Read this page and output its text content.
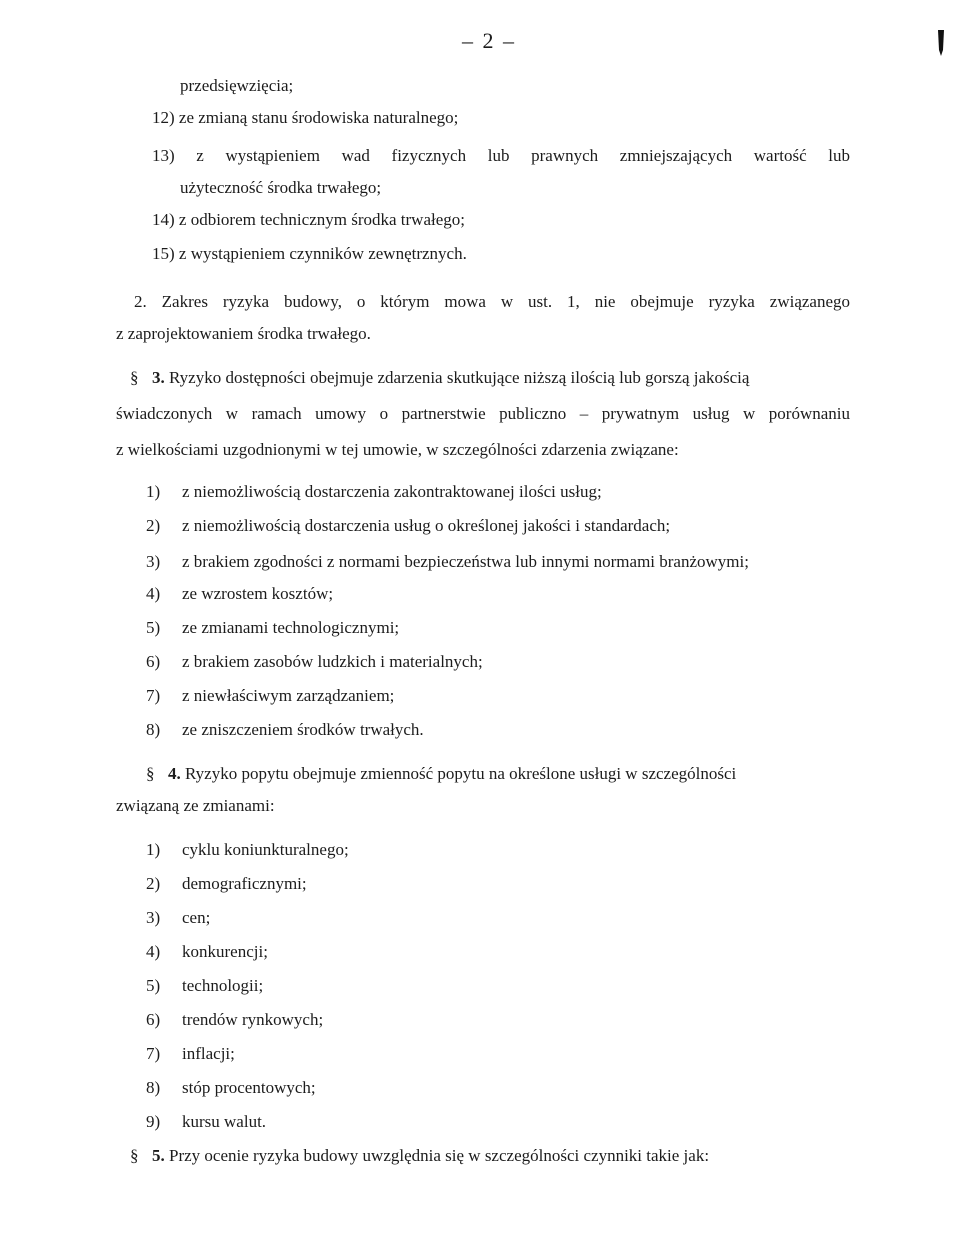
– 2 –
przedsięwzięcia;
12) ze zmianą stanu środowiska naturalnego;
13) z wystąpieniem wad fizycznych lub prawnych zmniejszających wartość lub
użyteczność środka trwałego;
14) z odbiorem technicznym środka trwałego;
15) z wystąpieniem czynników zewnętrznych.
2. Zakres ryzyka budowy, o którym mowa w ust. 1, nie obejmuje ryzyka związanego
z zaprojektowaniem środka trwałego.
§ 3. Ryzyko dostępności obejmuje zdarzenia skutkujące niższą ilością lub gorszą jakością
świadczonych w ramach umowy o partnerstwie publiczno – prywatnym usług w porównaniu
z wielkościami uzgodnionymi w tej umowie, w szczególności zdarzenia związane:
1) z niemożliwością dostarczenia zakontraktowanej ilości usług;
2) z niemożliwością dostarczenia usług o określonej jakości i standardach;
3) z brakiem zgodności z normami bezpieczeństwa lub innymi normami branżowymi;
4) ze wzrostem kosztów;
5) ze zmianami technologicznymi;
6) z brakiem zasobów ludzkich i materialnych;
7) z niewłaściwym zarządzaniem;
8) ze zniszczeniem środków trwałych.
§ 4. Ryzyko popytu obejmuje zmienność popytu na określone usługi w szczególności
związaną ze zmianami:
1) cyklu koniunkturalnego;
2) demograficznymi;
3) cen;
4) konkurencji;
5) technologii;
6) trendów rynkowych;
7) inflacji;
8) stóp procentowych;
9) kursu walut.
§ 5. Przy ocenie ryzyka budowy uwzględnia się w szczególności czynniki takie jak:
